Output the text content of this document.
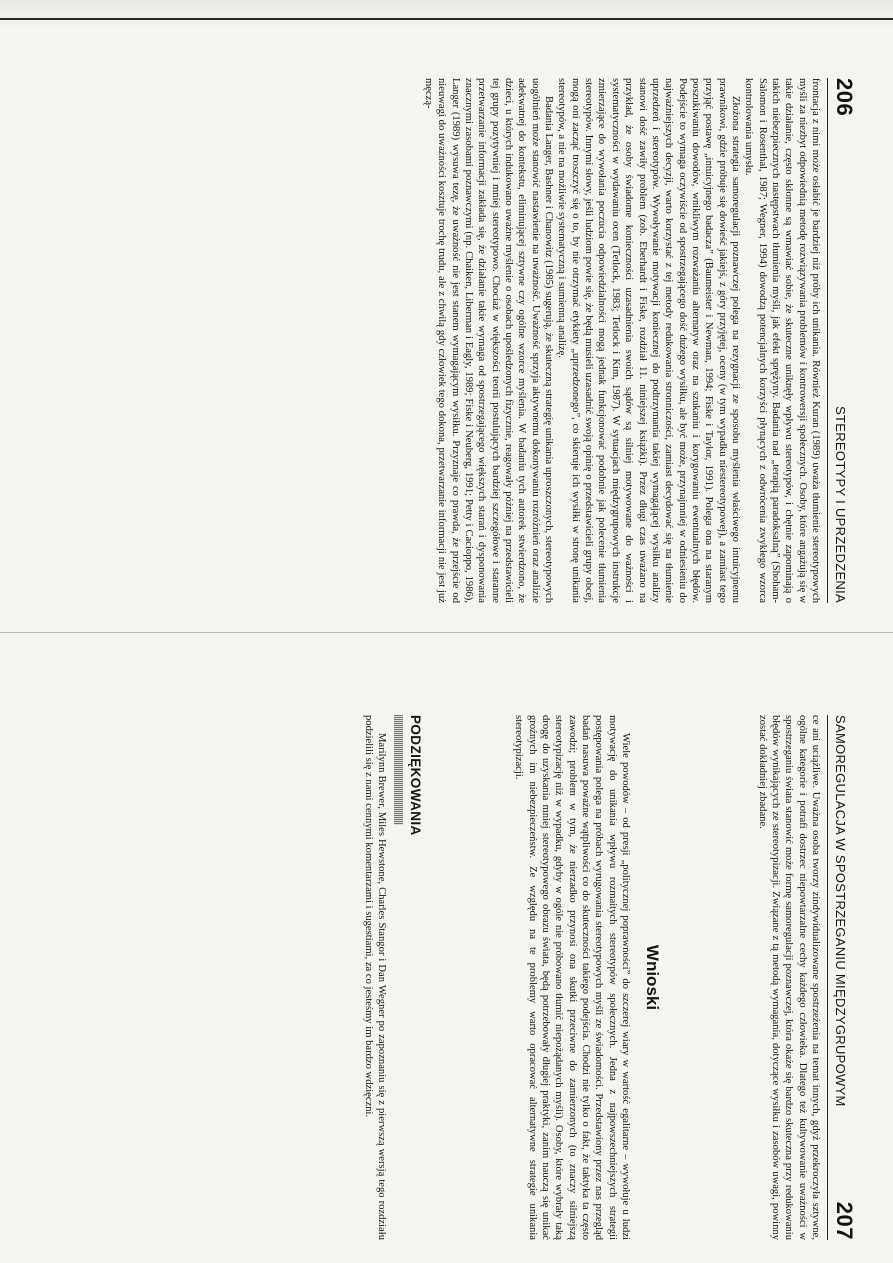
206
STEREOTYPY I UPRZEDZENIA

frontacja z nimi może osłabić je bardziej niż próby ich unikania. Również Kuran (1989) uważa tłumienie stereotypowych myśli za niezbyt odpowiednią metodę rozwiązywania problemów i kontrowersji społecznych. Osoby, które angażują się w takie działanie, często skłonne są wmawiać sobie, że skuteczne uniknęły wpływu stereotypów, i chętnie zapominają o takich niebezpiecznych następstwach tłumienia myśli, jak efekt sprężyny. Badania nad „terapią paradoksalną” (Shoham-Salomon i Rosenthal, 1987; Wegner, 1994) dowodzą potencjalnych korzyści płynących z odwrócenia zwykłego wzorca kontrolowania umysłu.

Złożona strategia samoregulacji poznawczej polega na rezygnacji ze sposobu myślenia właściwego intuicyjnemu prawnikowi, gdzie próbuje się dowieść jakiejś, z góry przyjętej, oceny (w tym wypadku niestereotypowej), a zamiast tego przyjąć postawę „intuicyjnego badacza” (Baumeister i Newman, 1994; Fiske i Taylor, 1991). Polega ona na staranym poszukiwaniu dowodów, wnikliwym rozważaniu alternatyw oraz na szukaniu i korygowaniu ewentualnych błędów. Podejście to wymaga oczywiście od spostrzegającego dość dużego wysiłku, ale być może, przynajmniej w odniesieniu do najważniejszych decyzji, warto korzystać z tej metody redukowania stronniczości, zamiast decydować się na tłumienie uprzedzeń i stereotypów. Wywoływanie motywacji koniecznej do podtrzymania takiej wymagającej wysiłku analizy stanowi dość zawiły problem (zob. Eberhardt i Fiske, rozdział 11. niniejszej książki). Przez długi czas uważano na przykład, że osoby świadome konieczności uzasadnienia swoich sądów są silniej motywowane do ważności i systematyczności w wydawaniu ocen (Tetlock, 1983; Tetlock i Kim, 1987). W sytuacjach międzygrupowych instrukcje zmierzające do wywołania poczucia odpowiedzialności mogą jednak funkcjonować podobnie jak polecenie tłumienia stereotypów. Innymi słowy, jeśli ludziom powie się, że będą musieli uzasadnić swoją opinię o przedstawicieli grupy obcej, mogą oni zacząć troszczyć się o to, by nie otrzymać etykiety „uprzedzonego”, co skieruje ich wysiłki w stronę unikania stereotypów, a nie na możliwie systematyczną i sumienną analizę.

Badania Langer, Bashner i Chanowitz (1985) sugerują, że skuteczną strategię unikania uproszczonych, stereotypowych uogólnień może stanowić nastawienie na uważność. Uważność sprzyja aktywnemu dokonywaniu rozróżnień oraz analizie adekwatnej do kontekstu, eliminującej sztywne czy ogólne wzorce myślenia. W badaniu tych autorek stwierdzono, że dzieci, u których indukowano uważne myślenie o osobach upośledzonych fizycznie, reagowały później na przedstawicieli tej grupy pozytywniej i mniej stereotypowo. Chociaż w większości teorii postulujących bardziej szczegółowe i staranne przetwarzanie informacji zakłada się, że działanie takie wymaga od spostrzegającego większych starań i dysponowania znacznymi zasobami poznawczymi (np. Chaiken, Liberman i Eagly, 1989; Fiske i Neuberg, 1991; Petty i Cacioppo, 1986), Langer (1989) wysuwa tezę, że uważność nie jest stanem wymagającym wysiłku. Przyznaje co prawda, że przejście od nieuwagi do uważności kosztuje trochę trudu, ale z chwilą gdy człowiek tego dokona, przetwarzanie informacji nie jest już męczą-

SAMOREGULACJA W SPOSTRZEGANIU MIĘDZYGRUPOWYM
207

ce ani uciążliwe. Uważna osoba tworzy zindywidualizowane spostrzeżenia na temat innych, gdyż przekroczyła sztywne, ogólne kategorie i potrafi dostrzec niepowtarzalne cechy każdego człowieka. Dlatego też kultywowanie uważności w spostrzeganiu świata stanowić może formę samoregulacji poznawczej, która okaże się bardzo skuteczna przy redukowaniu błędów wynikających ze stereotypizacji. Związane z tą metodą wymagania, dotyczące wysiłku i zasobów uwagi, powinny zostać dokładniej zbadane.

Wnioski

Wiele powodów – od presji „politycznej poprawności” do szczerej wiary w wartość egalitarne – wywołuje u ludzi motywację do unikania wpływu rozmaitych stereotypów społecznych. Jedna z najpowszechniejszych strategii postępowania polega na próbach wyrugowania stereotypowych myśli ze świadomości. Przedstawiony przez nas przegląd badań nasuwa poważne wątpliwości co do skuteczności takiego podejścia. Chodzi nie tylko o fakt, że taktyka ta często zawodzi; problem w tym, że nierzadko przynosi ona skutki przeciwne do zamierzonych (to znaczy silniejszą stereotypizację niż w wypadku, gdyby w ogóle nie próbowano tłumić niepożądanych myśli). Osoby, które wybrały taką drogę do uzyskania mniej stereotypowego obrazu świata, będą potrzebowały długiej praktyki, zanim nauczą się unikać groźnych im niebezpieczeństw. Ze względu na te problemy warto opracować alternatywne strategie unikania stereotypizacji.

PODZIĘKOWANIA

Marilynn Brewer, Miles Hewstone, Charles Stangor i Dan Wegner po zapoznaniu się z pierwszą wersją tego rozdziału podzielili się z nami cennymi komentarzami i sugestiami, za co jesteśmy im bardzo wdzięczni.
